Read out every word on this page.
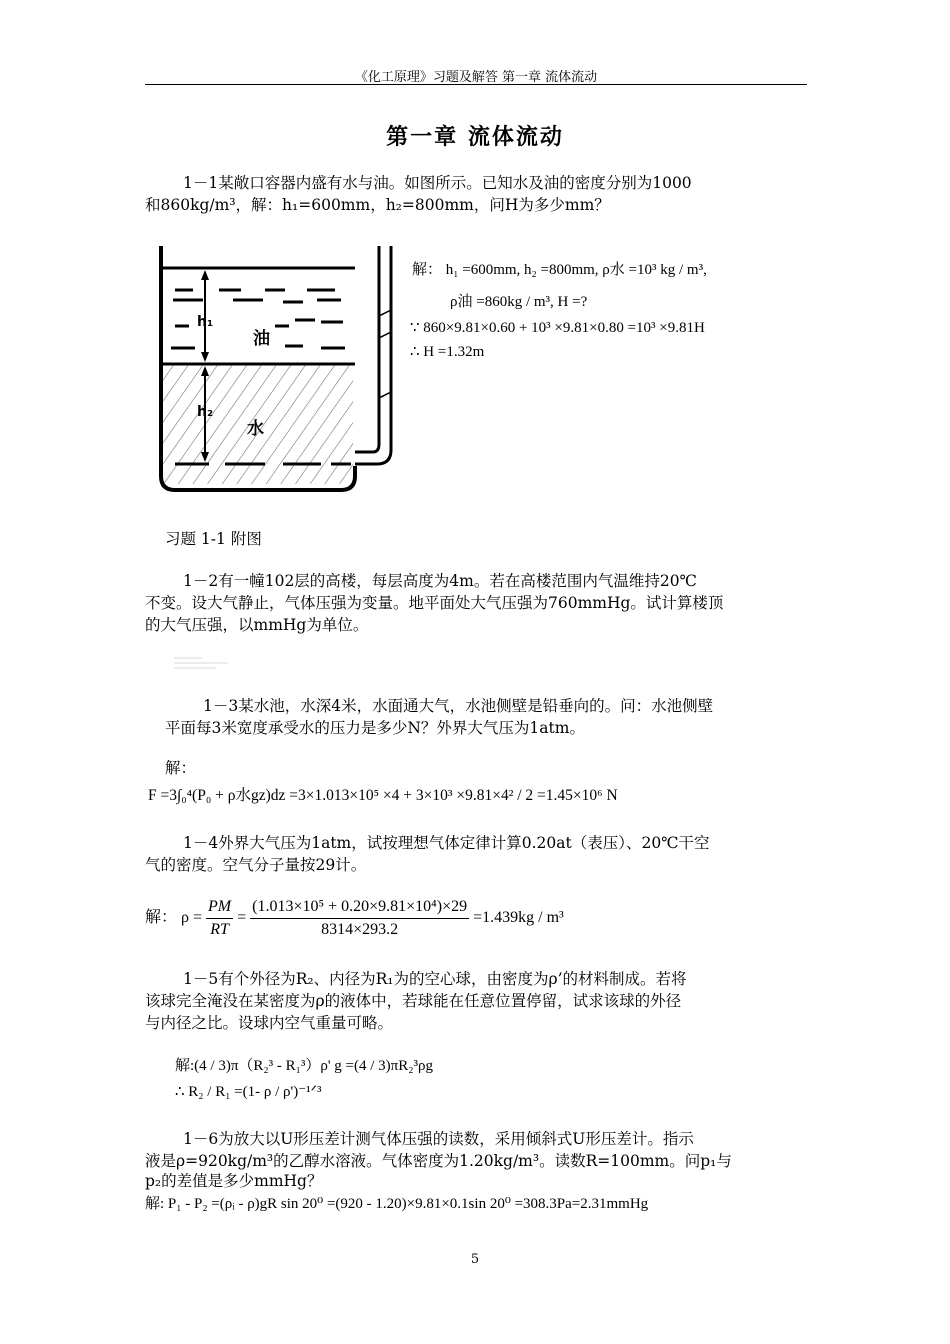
《化工原理》习题及解答 第一章 流体流动
第一章 流体流动
1－1某敞口容器内盛有水与油。如图所示。已知水及油的密度分别为1000
和860kg/m³，解：h₁=600mm，h₂=800mm，问H为多少mm？
h₁
h₂
油
水
解： h₁ =600mm, h₂ =800mm, ρ水 =10³ kg / m³,
ρ油 =860kg / m³, H =?
∵ 860×9.81×0.60 + 10³ ×9.81×0.80 =10³ ×9.81H
∴ H =1.32m
习题 1-1 附图
1－2有一幢102层的高楼，每层高度为4m。若在高楼范围内气温维持20℃
不变。设大气静止，气体压强为变量。地平面处大气压强为760mmHg。试计算楼顶
的大气压强，以mmHg为单位。
1－3某水池，水深4米，水面通大气，水池侧壁是铅垂向的。问：水池侧壁
平面每3米宽度承受水的压力是多少N？外界大气压为1atm。
解：
F =3∫₀⁴(P₀ + ρ水gz)dz =3×1.013×10⁵ ×4 + 3×10³ ×9.81×4² / 2 =1.45×10⁶ N
1－4外界大气压为1atm，试按理想气体定律计算0.20at（表压）、20℃干空
气的密度。空气分子量按29计。
解： $\rho = \frac{PM}{RT} = \frac{\text{(1.013×10⁵ + 0.20×9.81×10⁴)×29}}{8314\times 293.2} =1.439kg / m^3$
1－5有个外径为R₂、内径为R₁为的空心球，由密度为ρ’的材料制成。若将
该球完全淹没在某密度为ρ的液体中，若球能在任意位置停留，试求该球的外径
与内径之比。设球内空气重量可略。
解:(4 / 3)π（R₂³ - R₁³）ρ' g =(4 / 3)πR₂³ρg
∴ R₂ / R₁ =(1- ρ / ρ')⁻¹ᐟ³
1－6为放大以U形压差计测气体压强的读数，采用倾斜式U形压差计。指示
液是ρ=920kg/m³的乙醇水溶液。气体密度为1.20kg/m³。读数R=100mm。问p₁与
p₂的差值是多少mmHg？
解: P₁ - P₂ =(ρᵢ - ρ)gR sin 20⁰ =(920 - 1.20)×9.81×0.1sin 20⁰ =308.3Pa=2.31mmHg
5
